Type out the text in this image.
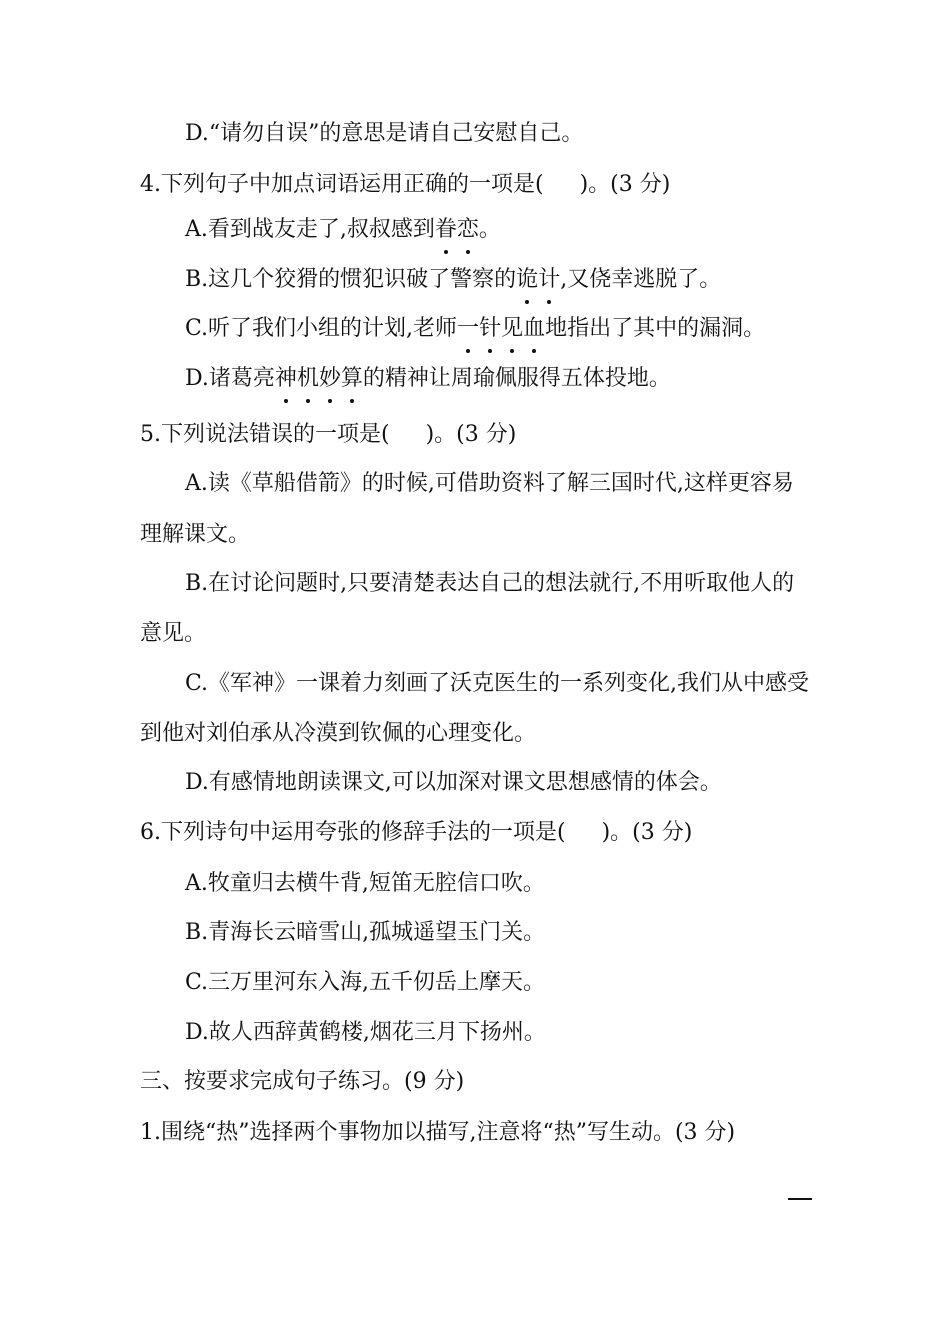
D.“请勿自误”的意思是请自己安慰自己。
4.下列句子中加点词语运用正确的一项是( )。(3 分)
A.看到战友走了,叔叔感到眷恋。
B.这几个狡猾的惯犯识破了警察的诡计,又侥幸逃脱了。
C.听了我们小组的计划,老师一针见血地指出了其中的漏洞。
D.诸葛亮神机妙算的精神让周瑜佩服得五体投地。
5.下列说法错误的一项是( )。(3 分)
A.读《草船借箭》的时候,可借助资料了解三国时代,这样更容易
理解课文。
B.在讨论问题时,只要清楚表达自己的想法就行,不用听取他人的
意见。
C.《军神》一课着力刻画了沃克医生的一系列变化,我们从中感受
到他对刘伯承从冷漠到钦佩的心理变化。
D.有感情地朗读课文,可以加深对课文思想感情的体会。
6.下列诗句中运用夸张的修辞手法的一项是( )。(3 分)
A.牧童归去横牛背,短笛无腔信口吹。
B.青海长云暗雪山,孤城遥望玉门关。
C.三万里河东入海,五千仞岳上摩天。
D.故人西辞黄鹤楼,烟花三月下扬州。
三、按要求完成句子练习。(9 分)
1.围绕“热”选择两个事物加以描写,注意将“热”写生动。(3 分)
